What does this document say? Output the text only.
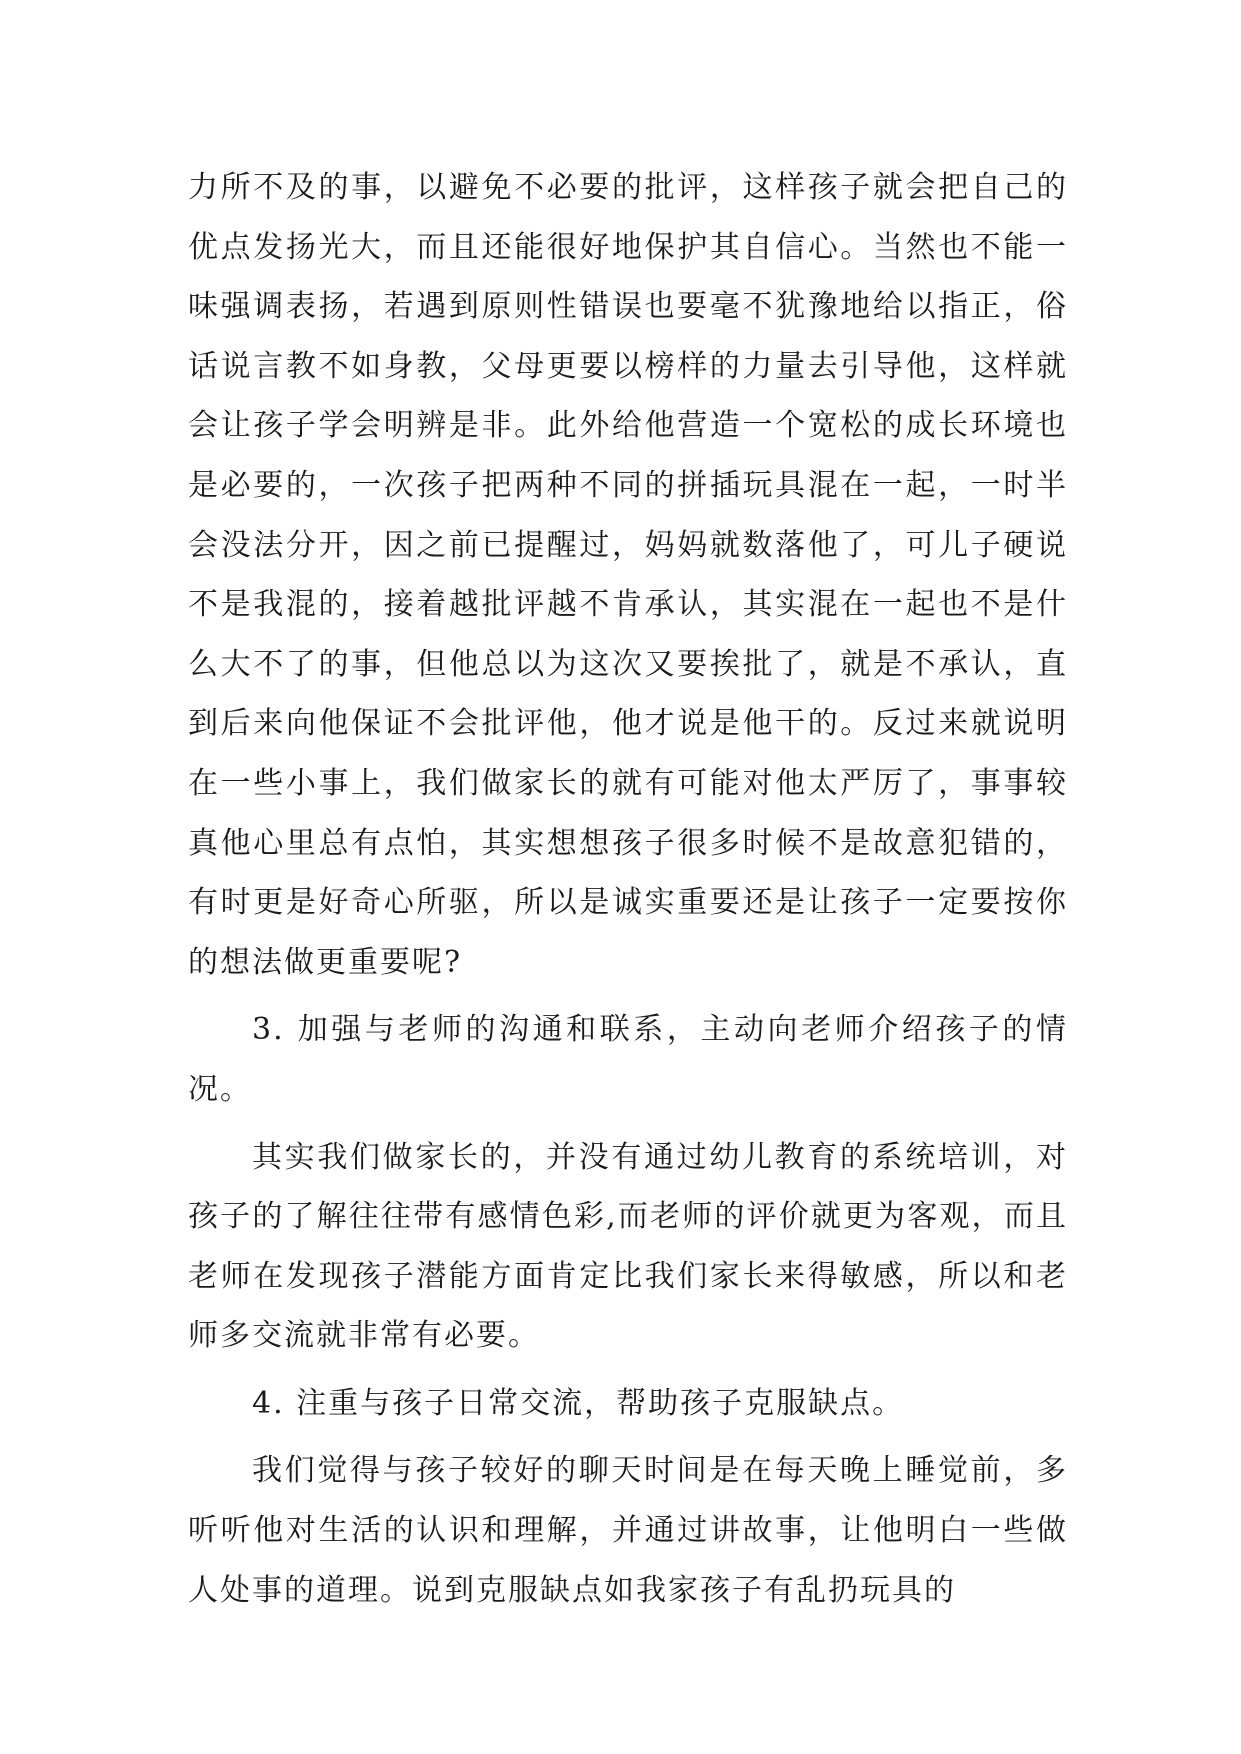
力所不及的事，以避免不必要的批评，这样孩子就会把自己的优点发扬光大，而且还能很好地保护其自信心。当然也不能一味强调表扬，若遇到原则性错误也要毫不犹豫地给以指正，俗话说言教不如身教，父母更要以榜样的力量去引导他，这样就会让孩子学会明辨是非。此外给他营造一个宽松的成长环境也是必要的，一次孩子把两种不同的拼插玩具混在一起，一时半会没法分开，因之前已提醒过，妈妈就数落他了，可儿子硬说不是我混的，接着越批评越不肯承认，其实混在一起也不是什么大不了的事，但他总以为这次又要挨批了，就是不承认，直到后来向他保证不会批评他，他才说是他干的。反过来就说明在一些小事上，我们做家长的就有可能对他太严厉了，事事较真他心里总有点怕，其实想想孩子很多时候不是故意犯错的，有时更是好奇心所驱，所以是诚实重要还是让孩子一定要按你的想法做更重要呢?

3. 加强与老师的沟通和联系，主动向老师介绍孩子的情况。

其实我们做家长的，并没有通过幼儿教育的系统培训，对孩子的了解往往带有感情色彩,而老师的评价就更为客观，而且老师在发现孩子潜能方面肯定比我们家长来得敏感，所以和老师多交流就非常有必要。

4. 注重与孩子日常交流，帮助孩子克服缺点。

我们觉得与孩子较好的聊天时间是在每天晚上睡觉前，多听听他对生活的认识和理解，并通过讲故事，让他明白一些做人处事的道理。说到克服缺点如我家孩子有乱扔玩具的
